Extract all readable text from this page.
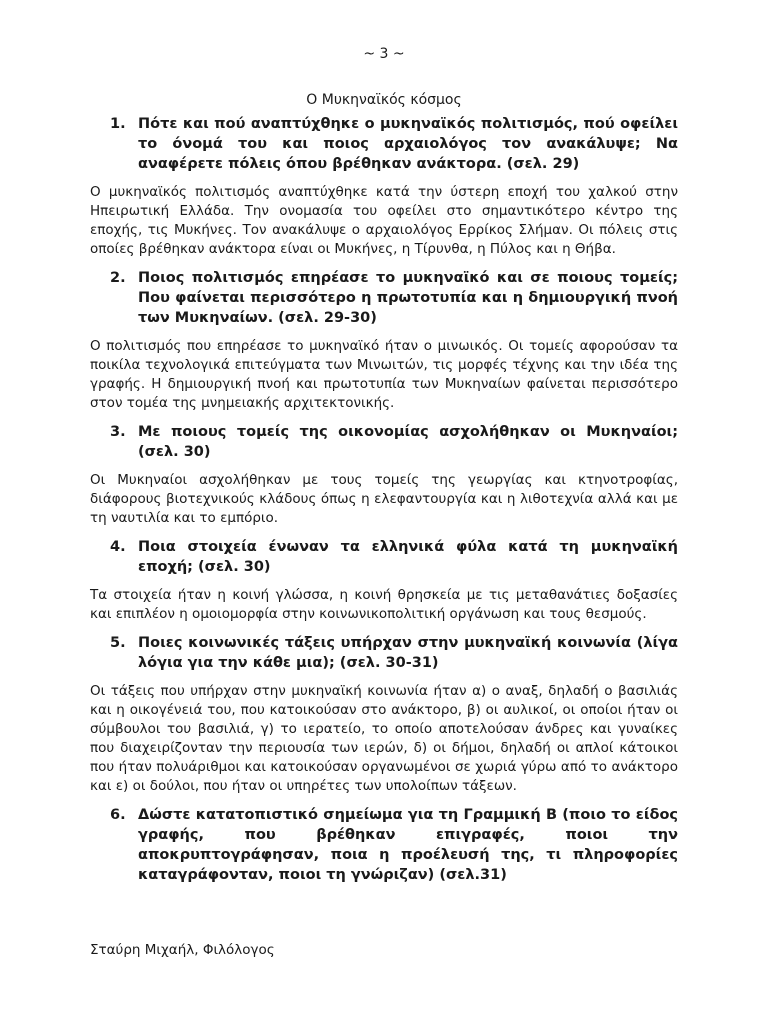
~ 3 ~
Ο Μυκηναϊκός κόσμος
1. Πότε και πού αναπτύχθηκε ο μυκηναϊκός πολιτισμός, πού οφείλει το όνομά του και ποιος αρχαιολόγος τον ανακάλυψε; Να αναφέρετε πόλεις όπου βρέθηκαν ανάκτορα. (σελ. 29)
Ο μυκηναϊκός πολιτισμός αναπτύχθηκε κατά την ύστερη εποχή του χαλκού στην Ηπειρωτική Ελλάδα. Την ονομασία του οφείλει στο σημαντικότερο κέντρο της εποχής, τις Μυκήνες. Τον ανακάλυψε ο αρχαιολόγος Ερρίκος Σλήμαν. Οι πόλεις στις οποίες βρέθηκαν ανάκτορα είναι οι Μυκήνες, η Τίρυνθα, η Πύλος και η Θήβα.
2. Ποιος πολιτισμός επηρέασε το μυκηναϊκό και σε ποιους τομείς; Που φαίνεται περισσότερο η πρωτοτυπία και η δημιουργική πνοή των Μυκηναίων. (σελ. 29-30)
Ο πολιτισμός που επηρέασε το μυκηναϊκό ήταν ο μινωικός. Οι τομείς αφορούσαν τα ποικίλα τεχνολογικά επιτεύγματα των Μινωιτών, τις μορφές τέχνης και την ιδέα της γραφής. Η δημιουργική πνοή και πρωτοτυπία των Μυκηναίων φαίνεται περισσότερο στον τομέα της μνημειακής αρχιτεκτονικής.
3. Με ποιους τομείς της οικονομίας ασχολήθηκαν οι Μυκηναίοι; (σελ. 30)
Οι Μυκηναίοι ασχολήθηκαν με τους τομείς της γεωργίας και κτηνοτροφίας, διάφορους βιοτεχνικούς κλάδους όπως η ελεφαντουργία και η λιθοτεχνία αλλά και με τη ναυτιλία και το εμπόριο.
4. Ποια στοιχεία ένωναν τα ελληνικά φύλα κατά τη μυκηναϊκή εποχή; (σελ. 30)
Τα στοιχεία ήταν η κοινή γλώσσα, η κοινή θρησκεία με τις μεταθανάτιες δοξασίες και επιπλέον η ομοιομορφία στην κοινωνικοπολιτική οργάνωση και τους θεσμούς.
5. Ποιες κοινωνικές τάξεις υπήρχαν στην μυκηναϊκή κοινωνία (λίγα λόγια για την κάθε μια); (σελ. 30-31)
Οι τάξεις που υπήρχαν στην μυκηναϊκή κοινωνία ήταν α) ο αναξ, δηλαδή ο βασιλιάς και η οικογένειά του, που κατοικούσαν στο ανάκτορο, β) οι αυλικοί, οι οποίοι ήταν οι σύμβουλοι του βασιλιά, γ) το ιερατείο, το οποίο αποτελούσαν άνδρες και γυναίκες που διαχειρίζονταν την περιουσία των ιερών, δ) οι δήμοι, δηλαδή οι απλοί κάτοικοι που ήταν πολυάριθμοι και κατοικούσαν οργανωμένοι σε χωριά γύρω από το ανάκτορο και ε) οι δούλοι, που ήταν οι υπηρέτες των υπολοίπων τάξεων.
6. Δώστε κατατοπιστικό σημείωμα για τη Γραμμική Β (ποιο το είδος γραφής, που βρέθηκαν επιγραφές, ποιοι την αποκρυπτογράφησαν, ποια η προέλευσή της, τι πληροφορίες καταγράφονταν, ποιοι τη γνώριζαν) (σελ.31)
Σταύρη Μιχαήλ, Φιλόλογος
